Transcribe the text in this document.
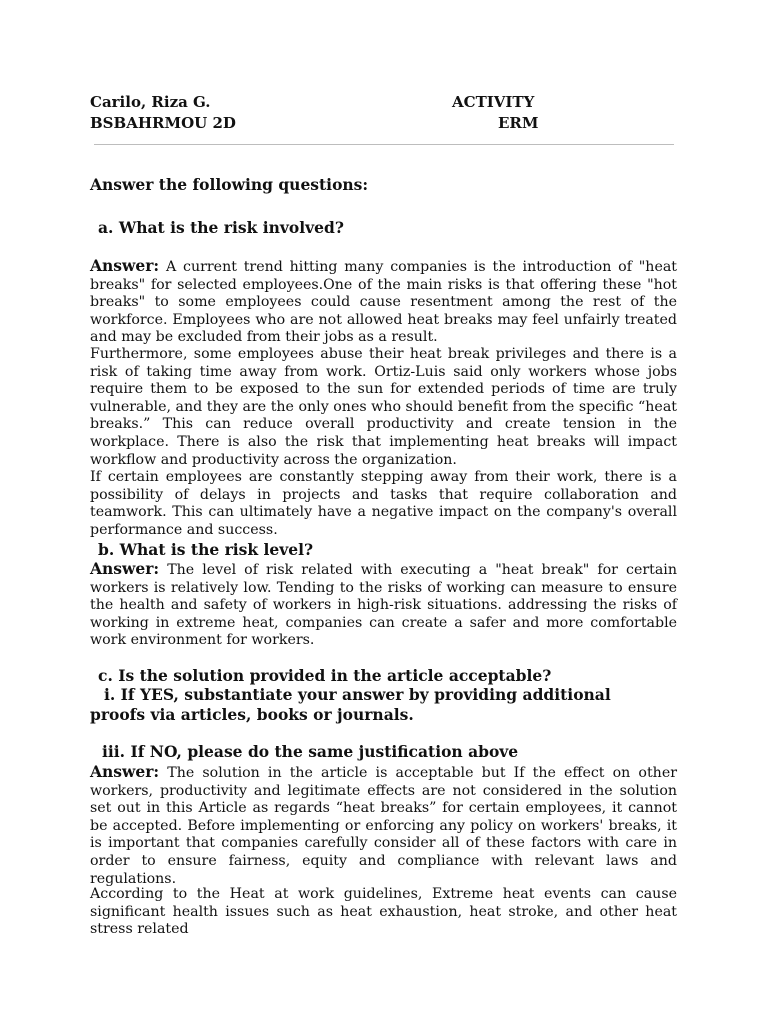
Carilo, Riza G.
BSBAHRMOU 2D
ACTIVITY
ERM
Answer the following questions:
a. What is the risk involved?

Answer: A current trend hitting many companies is the introduction of "heat breaks" for selected employees.One of the main risks is that offering these "hot breaks" to some employees could cause resentment among the rest of the workforce. Employees who are not allowed heat breaks may feel unfairly treated and may be excluded from their jobs as a result.

Furthermore, some employees abuse their heat break privileges and there is a risk of taking time away from work. Ortiz-Luis said only workers whose jobs require them to be exposed to the sun for extended periods of time are truly vulnerable, and they are the only ones who should benefit from the specific “heat breaks.” This can reduce overall productivity and create tension in the workplace. There is also the risk that implementing heat breaks will impact workflow and productivity across the organization.

If certain employees are constantly stepping away from their work, there is a possibility of delays in projects and tasks that require collaboration and teamwork. This can ultimately have a negative impact on the company's overall performance and success.

b. What is the risk level?

Answer: The level of risk related with executing a "heat break" for certain workers is relatively low. Tending to the risks of working can measure to ensure the health and safety of workers in high-risk situations. addressing the risks of working in extreme heat, companies can create a safer and more comfortable work environment for workers.

c. Is the solution provided in the article acceptable?
i. If YES, substantiate your answer by providing additional proofs via articles, books or journals.
iii. If NO, please do the same justification above

Answer: The solution in the article is acceptable but If the effect on other workers, productivity and legitimate effects are not considered in the solution set out in this Article as regards “heat breaks” for certain employees, it cannot be accepted. Before implementing or enforcing any policy on workers' breaks, it is important that companies carefully consider all of these factors with care in order to ensure fairness, equity and compliance with relevant laws and regulations.

According to the Heat at work guidelines, Extreme heat events can cause significant health issues such as heat exhaustion, heat stroke, and other heat stress related
